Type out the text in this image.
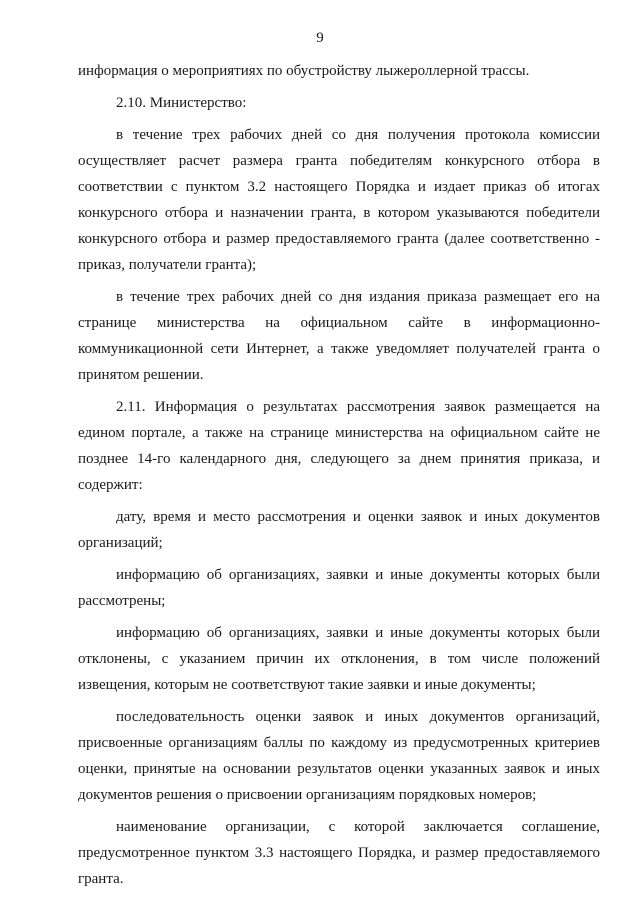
9

информация о мероприятиях по обустройству лыжероллерной трассы.

2.10. Министерство:

в течение трех рабочих дней со дня получения протокола комиссии осуществляет расчет размера гранта победителям конкурсного отбора в соответствии с пунктом 3.2 настоящего Порядка и издает приказ об итогах конкурсного отбора и назначении гранта, в котором указываются победители конкурсного отбора и размер предоставляемого гранта (далее соответственно - приказ, получатели гранта);

в течение трех рабочих дней со дня издания приказа размещает его на странице министерства на официальном сайте в информационно-коммуникационной сети Интернет, а также уведомляет получателей гранта о принятом решении.

2.11. Информация о результатах рассмотрения заявок размещается на едином портале, а также на странице министерства на официальном сайте не позднее 14-го календарного дня, следующего за днем принятия приказа, и содержит:

дату, время и место рассмотрения и оценки заявок и иных документов организаций;

информацию об организациях, заявки и иные документы которых были рассмотрены;

информацию об организациях, заявки и иные документы которых были отклонены, с указанием причин их отклонения, в том числе положений извещения, которым не соответствуют такие заявки и иные документы;

последовательность оценки заявок и иных документов организаций, присвоенные организациям баллы по каждому из предусмотренных критериев оценки, принятые на основании результатов оценки указанных заявок и иных документов решения о присвоении организациям порядковых номеров;

наименование организации, с которой заключается соглашение, предусмотренное пунктом 3.3 настоящего Порядка, и размер предоставляемого гранта.
